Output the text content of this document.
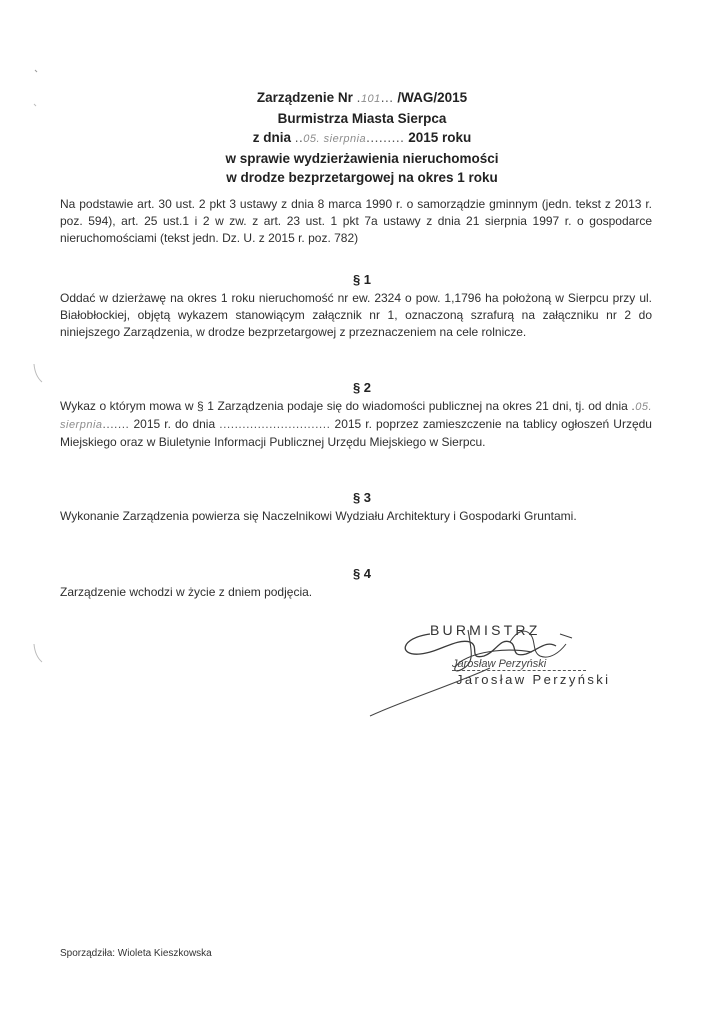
Zarządzenie Nr .101... /WAG/2015
Burmistrza Miasta Sierpca
z dnia ..05. sierpnia......... 2015 roku
w sprawie wydzierżawienia nieruchomości
w drodze bezprzetargowej na okres 1 roku
Na podstawie art. 30 ust. 2 pkt 3 ustawy z dnia 8 marca 1990 r. o samorządzie gminnym (jedn. tekst z 2013 r. poz. 594), art. 25 ust.1 i 2 w zw. z art. 23 ust. 1 pkt 7a ustawy z dnia 21 sierpnia 1997 r. o gospodarce nieruchomościami (tekst jedn. Dz. U. z 2015 r. poz. 782)
§ 1
Oddać w dzierżawę na okres 1 roku nieruchomość nr ew. 2324 o pow. 1,1796 ha położoną w Sierpcu przy ul. Białobłockiej, objętą wykazem stanowiącym załącznik nr 1, oznaczoną szrafurą na załączniku nr 2 do niniejszego Zarządzenia, w drodze bezprzetargowej z przeznaczeniem na cele rolnicze.
§ 2
Wykaz o którym mowa w § 1 Zarządzenia podaje się do wiadomości publicznej na okres 21 dni, tj. od dnia .05. sierpnia....... 2015 r. do dnia ............................. 2015 r. poprzez zamieszczenie na tablicy ogłoszeń Urzędu Miejskiego oraz w Biuletynie Informacji Publicznej Urzędu Miejskiego w Sierpcu.
§ 3
Wykonanie Zarządzenia powierza się Naczelnikowi Wydziału Architektury i Gospodarki Gruntami.
§ 4
Zarządzenie wchodzi w życie z dniem podjęcia.
BURMISTRZ
Jarosław Perzyński
Jarosław Perzyński
Sporządziła: Wioleta Kieszkowska
